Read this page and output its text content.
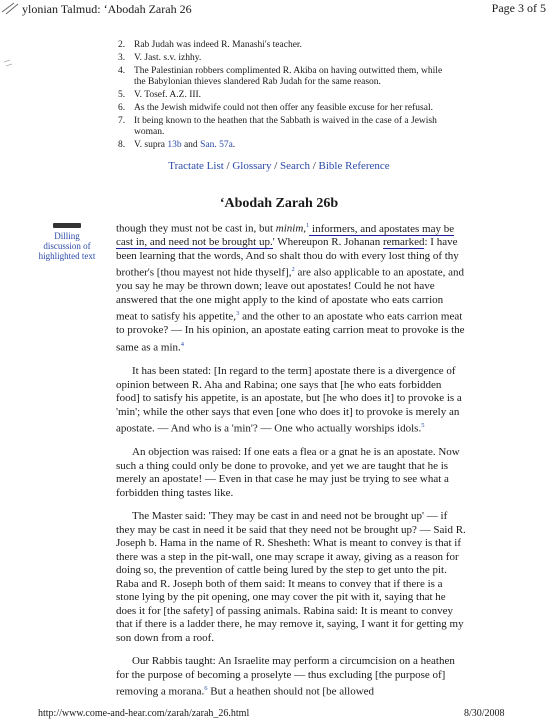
ylonian Talmud: ‘Abodah Zarah 26	Page 3 of 5
2. Rab Judah was indeed R. Manashi's teacher.
3. V. Jast. s.v. izhhy.
4. The Palestinian robbers complimented R. Akiba on having outwitted them, while the Babylonian thieves slandered Rab Judah for the same reason.
5. V. Tosef. A.Z. III.
6. As the Jewish midwife could not then offer any feasible excuse for her refusal.
7. It being known to the heathen that the Sabbath is waived in the case of a Jewish woman.
8. V. supra 13b and San. 57a.
Tractate List / Glossary / Search / Bible Reference
‘Abodah Zarah 26b
Dilling discussion of highlighted text

though they must not be cast in, but minim,$^1$ informers, and apostates may be cast in, and need not be brought up.' Whereupon R. Johanan remarked: I have been learning that the words, And so shalt thou do with every lost thing of thy brother's [thou mayest not hide thyself],$^2$ are also applicable to an apostate, and you say he may be thrown down; leave out apostates! Could he not have answered that the one might apply to the kind of apostate who eats carrion meat to satisfy his appetite,$^3$ and the other to an apostate who eats carrion meat to provoke? — In his opinion, an apostate eating carrion meat to provoke is the same as a min.$^4$

It has been stated: [In regard to the term] apostate there is a divergence of opinion between R. Aha and Rabina; one says that [he who eats forbidden food] to satisfy his appetite, is an apostate, but [he who does it] to provoke is a 'min'; while the other says that even [one who does it] to provoke is merely an apostate. — And who is a 'min'? — One who actually worships idols.$^5$

An objection was raised: If one eats a flea or a gnat he is an apostate. Now such a thing could only be done to provoke, and yet we are taught that he is merely an apostate! — Even in that case he may just be trying to see what a forbidden thing tastes like.

The Master said: 'They may be cast in and need not be brought up' — if they may be cast in need it be said that they need not be brought up? — Said R. Joseph b. Hama in the name of R. Shesheth: What is meant to convey is that if there was a step in the pit-wall, one may scrape it away, giving as a reason for doing so, the prevention of cattle being lured by the step to get unto the pit. Raba and R. Joseph both of them said: It means to convey that if there is a stone lying by the pit opening, one may cover the pit with it, saying that he does it for [the safety] of passing animals. Rabina said: It is meant to convey that if there is a ladder there, he may remove it, saying, I want it for getting my son down from a roof.

Our Rabbis taught: An Israelite may perform a circumcision on a heathen for the purpose of becoming a proselyte — thus excluding [the purpose of] removing a morana.$^6$ But a heathen should not [be allowed

http://www.come-and-hear.com/zarah/zarah_26.html	8/30/2008
